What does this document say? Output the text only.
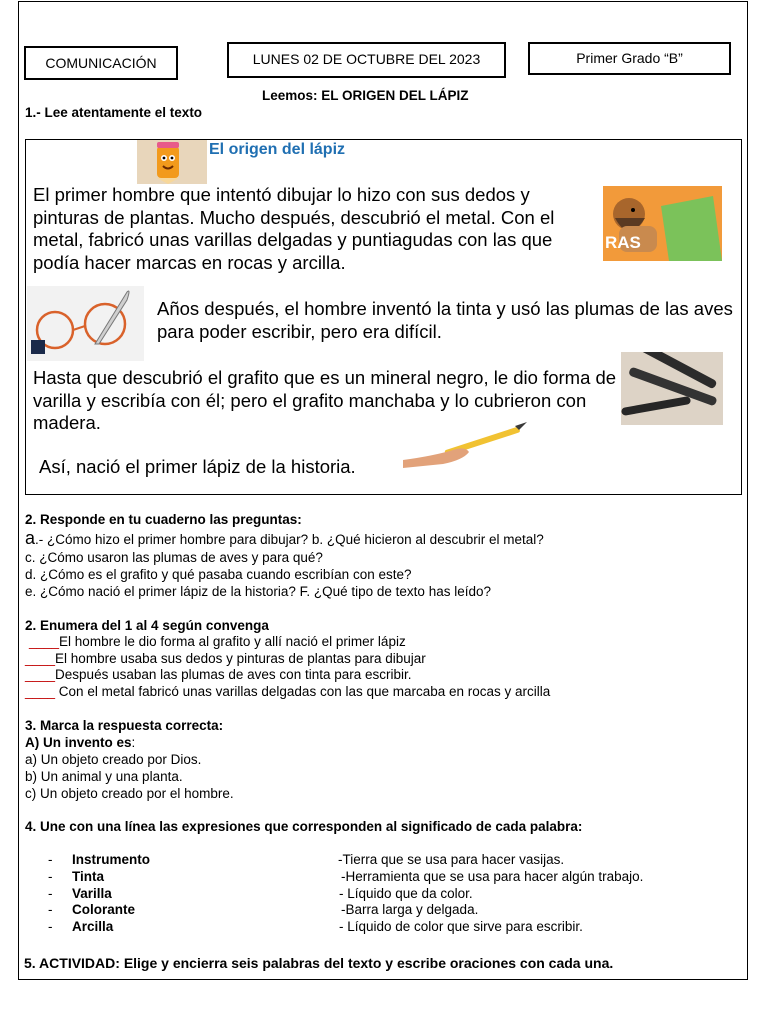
COMUNICACIÓN	LUNES 02 DE OCTUBRE DEL 2023	Primer Grado “B”
Leemos: EL ORIGEN DEL LÁPIZ
1.- Lee atentamente el texto
El origen del lápiz
El primer hombre que intentó dibujar lo hizo con sus dedos y pinturas de plantas. Mucho después, descubrió el metal. Con el metal, fabricó unas varillas delgadas y puntiagudas con las que podía hacer marcas en rocas y arcilla.
RAS
Años después, el hombre inventó la tinta y usó las plumas de las aves para poder escribir, pero era difícil.
Hasta que descubrió el grafito que es un mineral negro, le dio forma de varilla y escribía con él; pero el grafito manchaba y lo cubrieron con madera.
Así, nació el primer lápiz de la historia.
2. Responde en tu cuaderno las preguntas:
a.- ¿Cómo hizo el primer hombre para dibujar? b. ¿Qué hicieron al descubrir el metal?
c. ¿Cómo usaron las plumas de aves y para qué?
d. ¿Cómo es el grafito y qué pasaba cuando escribían con este?
e. ¿Cómo nació el primer lápiz de la historia? F. ¿Qué tipo de texto has leído?
2. Enumera del 1 al 4 según convenga
____El hombre le dio forma al grafito y allí nació el primer lápiz
____El hombre usaba sus dedos y pinturas de plantas para dibujar
____Después usaban las plumas de aves con tinta para escribir.
____ Con el metal fabricó unas varillas delgadas con las que marcaba en rocas y arcilla
3. Marca la respuesta correcta:
A) Un invento es:
a) Un objeto creado por Dios.
b) Un animal y una planta.
c) Un objeto creado por el hombre.
4. Une con una línea las expresiones que corresponden al significado de cada palabra:
- Instrumento	-Tierra que se usa para hacer vasijas.
- Tinta	-Herramienta que se usa para hacer algún trabajo.
- Varilla	- Líquido que da color.
- Colorante	-Barra larga y delgada.
- Arcilla	- Líquido de color que sirve para escribir.
5. ACTIVIDAD: Elige y encierra seis palabras del texto y escribe oraciones con cada una.
